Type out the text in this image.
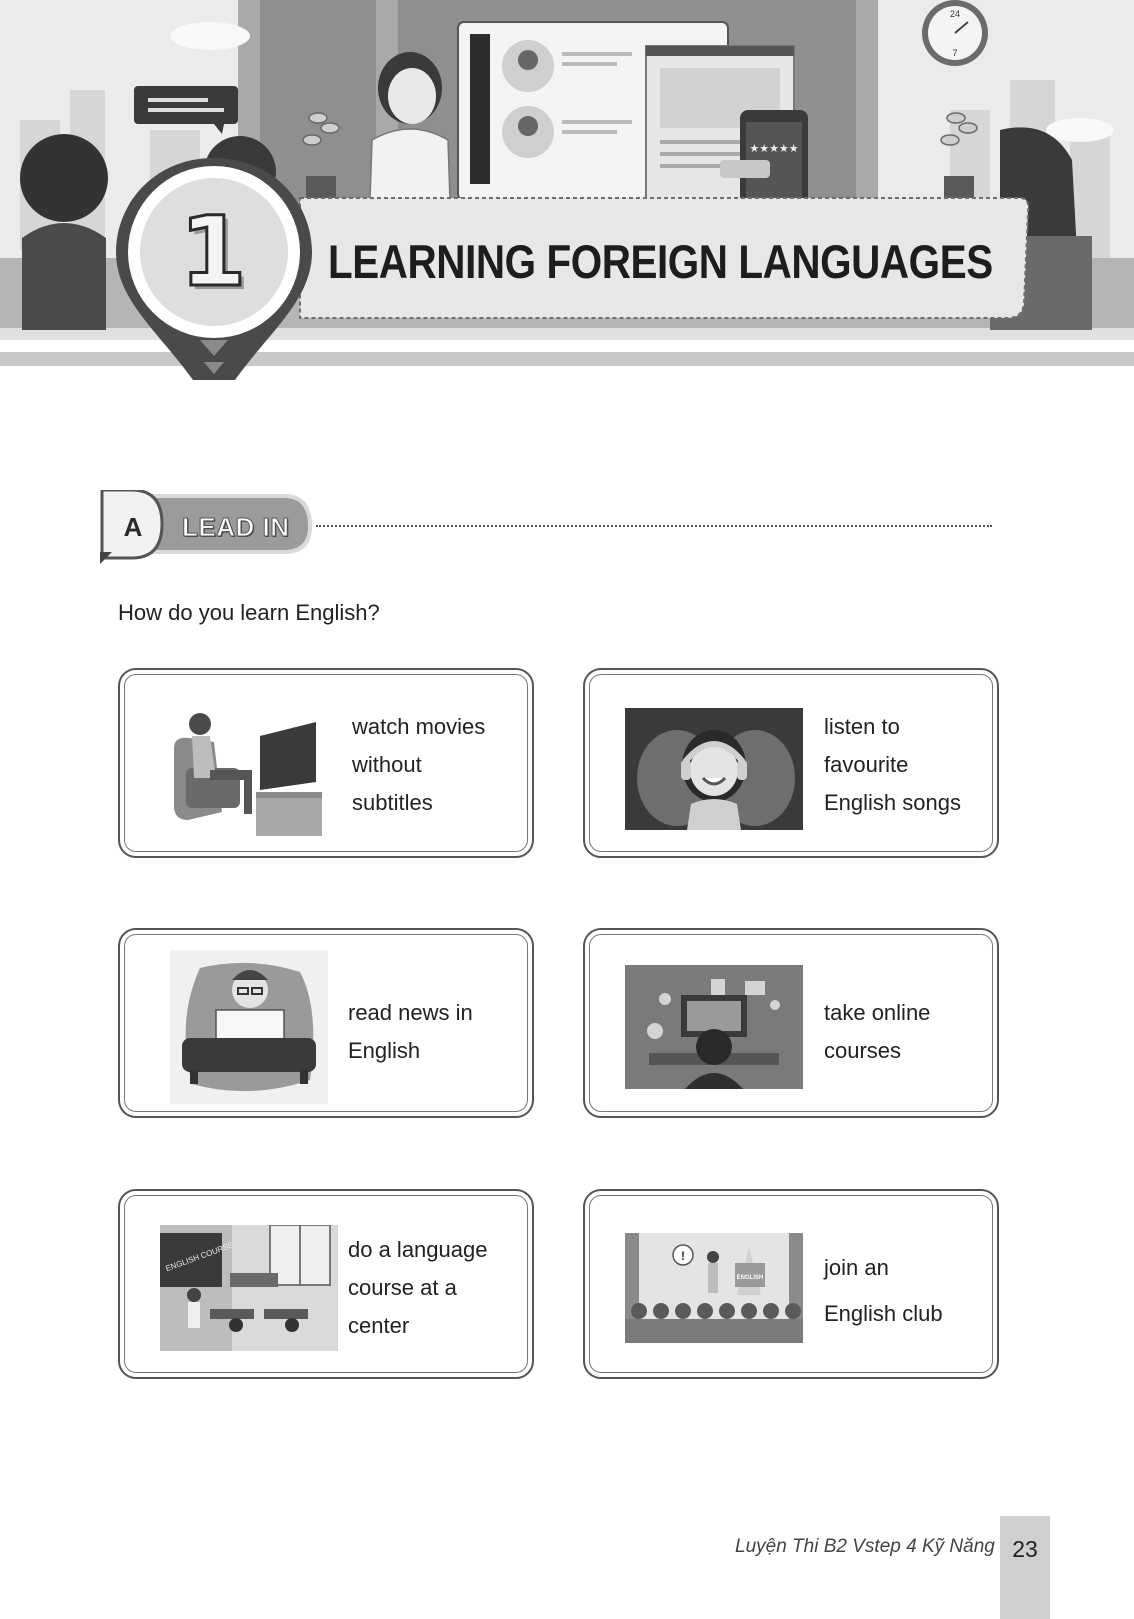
24
7
★★★★★
1	LEARNING FOREIGN LANGUAGES
A LEAD IN
How do you learn English?
watch movies
without
subtitles
listen to
favourite
English songs
read news in
English
take online
courses
ENGLISH COURSE	do a language
course at a
center
!
ENGLISH	join an
English club
Luyện Thi B2 Vstep 4 Kỹ Năng 23
